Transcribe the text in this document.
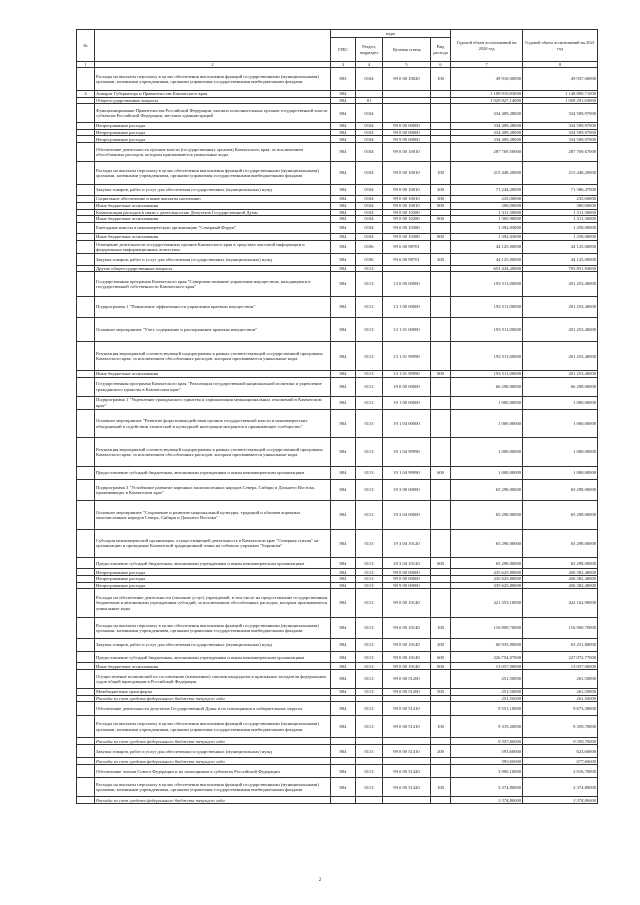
№		коды				Годовой объем ассигнований на 2020 год	Годовой объем ассигнований на 2021 год
		ГРБС	Раздел, подраздел	Целевая статья	Вид расхода		
1	2	3	4	5	6	7	8
	Расходы на выплаты персоналу в целях обеспечения выполнения функций государственными (муниципальными) органами, казенными учреждениями, органами управления государственными внебюджетными фондами	803	0104	99 0 00 10020	100	49 910,00000	49 937,00000
4	Аппарат Губернатора и Правительства Камчатского края	804				1 109 910,83000	1 148 800,71000
	Общегосударственные вопросы	804	01			1 029 827,14000	1 058 291,03000
	Функционирование Правительства Российской Федерации, высших исполнительных органов государственной власти субъектов Российской Федерации, местных администраций	804	0104			334 409,28000	334 509,97000
	Непрограммные расходы	804	0104	99 0 00 00000		334 409,28000	334 509,97000
	Непрограммные расходы	804	0104	99 0 00 00000		334 409,28000	334 509,97000
	Непрограммные расходы	804	0104	99 9 00 00000		334 409,28000	334 509,97000
	Обеспечение деятельности органов власти (государственных органов) Камчатского края, за исключением обособленных расходов, которым присваиваются уникальные коды	804	0104	99 0 00 10010		287 769,50000	287 769,67000
	Расходы на выплаты персоналу в целях обеспечения выполнения функций государственными (муниципальными) органами, казенными учреждениями, органами управления государственными внебюджетными фондами	804	0104	99 0 00 10010	100	215 448,20000	215 448,20000
	Закупка товаров, работ и услуг для обеспечения государственных (муниципальных) нужд	804	0104	99 0 00 10010	200	71 244,20000	71 386,47000
	Социальное обеспечение и иные выплаты населению	804	0104	99 0 00 10010	300	235,00000	235,00000
	Иные бюджетные ассигнования	804	0104	99 0 00 10010	800	200,00000	300,00000
	Компенсация расходов в связи с деятельностью Депутатов Государственной Думы	804	0104	99 0 00 10280		1 311,30000	1 311,30000
	Иные бюджетные ассигнования	804	0104	99 0 00 10280	800	1 369,90000	1 311,30000
	Ежегодные взносы в некоммерческую организацию "Северный Форум"	804	0104	99 0 00 10380		1 392,03000	1 258,00000
	Иные бюджетные ассигнования	804	0104	99 0 00 10380	800	1 392,03000	1 258,00000
	Освещение деятельности государственных органов Камчатского края в средствах массовой информации и федеральных информационных агентствах	804	0106	99 6 00 98701		44 125,00000	44 125,00000
	Закупка товаров, работ и услуг для обеспечения государственных (муниципальных) нужд	804	0106	99 6 00 98701	200	44 125,00000	44 125,00000
	Другие общегосударственные вопросы	804	0113			653 434,20000	703 851,94000
	Государственная программа Камчатского края "Совершенствование управления имуществом, находящимся в государственной собственности Камчатского края"	804	0113	13 0 00 00000		193 511,00000	201 253,40000
	Подпрограмма 1 "Повышение эффективности управления краевым имуществом"	804	0113	13 1 00 00000		193 511,00000	201 253,40000
	Основное мероприятие "Учет, содержание и распоряжение краевым имуществом"	804	0113	13 1 01 00000		193 511,00000	201 253,40000
	Реализация мероприятий соответствующей подпрограммы в рамках соответствующей государственной программы Камчатского края, за исключением обособленных расходов, которым присваиваются уникальные коды	804	0113	13 1 01 99990		193 511,00000	201 253,40000
	Иные бюджетные ассигнования	804	0113	13 1 01 99990	800	193 511,00000	201 253,40000
	Государственная программа Камчатского края "Реализация государственной национальной политики и укрепление гражданского единства в Камчатском крае"	804	0113	19 0 00 00000		66 298,00000	66 298,00000
	Подпрограмма 1 "Укрепление гражданского единства и гармонизация межнациональных отношений в Камчатском крае"	804	0113	19 1 00 00000		1 000,00000	1 000,00000
	Основное мероприятие "Развитие форм взаимодействия органов государственной власти и некоммерческих объединений в содействии этнической и культурной интеграции мигрантов в принимающее сообщество"	804	0113	19 1 04 00000		1 000,00000	1 000,00000
	Реализация мероприятий соответствующей подпрограммы в рамках соответствующей государственной программы Камчатского края, за исключением обособленных расходов, которым присваиваются уникальные коды	804	0113	19 1 04 99990		1 000,00000	1 000,00000
	Предоставление субсидий бюджетным, автономным учреждениям и иным некоммерческим организациям	804	0113	19 1 04 99990	600	1 000,00000	1 000,00000
	Подпрограмма 3 "Устойчивое развитие коренных малочисленных народов Севера, Сибири и Дальнего Востока, проживающих в Камчатском крае"	804	0113	19 3 00 00000		65 298,00000	65 298,00000
	Основное мероприятие "Сохранение и развитие национальной культуры, традиций и обычаев коренных малочисленных народов Севера, Сибири и Дальнего Востока"	804	0113	19 3 04 00000		65 298,00000	65 298,00000
	Субсидия некоммерческой организации, осуществляющей деятельность в Камчатском крае "Северная стихия" на организацию и проведение Камчатской традиционной гонки на собачьих упряжках "Берингия"	804	0113	19 3 04 10120		65 298,00000	65 298,00000
	Предоставление субсидий бюджетным, автономным учреждениям и иным некоммерческим организациям	804	0113	19 3 04 10120	600	65 298,00000	65 298,00000
	Непрограммные расходы	804	0113	99 0 00 00000		435 625,80000	436 382,40000
	Непрограммные расходы	804	0113	99 0 00 00000		435 625,80000	436 382,40000
	Непрограммные расходы	804	0113	99 9 00 00000		435 625,80000	436 382,40000
	Расходы на обеспечение деятельности (оказание услуг) учреждений, в том числе на предоставление государственным бюджетным и автономным учреждениям субсидий, за исключением обособленных расходов, которым присваиваются уникальные коды	804	0113	99 0 00 10140		421 353,10000	422 162,90000
	Расходы на выплаты персоналу в целях обеспечения выполнения функций государственными (муниципальными) органами, казенными учреждениями, органами управления государственными внебюджетными фондами	804	0113	99 0 00 10140	100	116 900,70000	116 900,70000
	Закупка товаров, работ и услуг для обеспечения государственных (муниципальных) нужд	804	0113	99 0 00 10140	200	60 935,90000	63 251,80000
	Предоставление субсидий бюджетным, автономным учреждениям и иным некоммерческим организациям	804	0113	99 0 00 10140	600	226 754,07000	227 072,77000
	Иные бюджетные ассигнования	804	0113	99 0 00 10140	800	13 057,00000	13 057,00000
	Осуществление полномочий по составлению (изменению) списков кандидатов в присяжные заседатели федеральных судов общей юрисдикции в Российской Федерации	804	0113	99 0 00 51200		251,50000	261,50000
	Межбюджетные трансферты	804	0113	99 0 00 51200	500	251,50000	261,50000
	Расходы за счет средств федерального бюджета текущего года					251,50000	261,50000
	Обеспечение деятельности депутатов Государственной Думы и их помощников в избирательных округах	804	0113	99 0 00 51410		9 551,10000	9 673,30000
	Расходы на выплаты персоналу в целях обеспечения выполнения функций государственными (муниципальными) органами, казенными учреждениями, органами управления государственными внебюджетными фондами	804	0113	99 0 00 51410	100	9 319,20000	9 359,70000
	Расходы за счет средств федерального бюджета текущего года					9 357,60000	9 359,70000
	Закупка товаров, работ и услуг для обеспечения государственных (муниципальных) нужд	804	0113	99 0 00 51410	200	593,60000	623,60000
	Расходы за счет средств федерального бюджета текущего года					593,60000	677,60000
	Обеспечение членов Совета Федерации и их помощников в субъектах Российской Федерации	804	0113	99 0 00 51420		3 900,10000	3 916,70000
	Расходы на выплаты персоналу в целях обеспечения выполнения функций государственными (муниципальными) органами, казенными учреждениями, органами управления государственными внебюджетными фондами	804	0113	99 0 00 51420	100	3 374,80000	3 374,80000
	Расходы за счет средств федерального бюджета текущего года					3 374,80000	3 374,80000
2
